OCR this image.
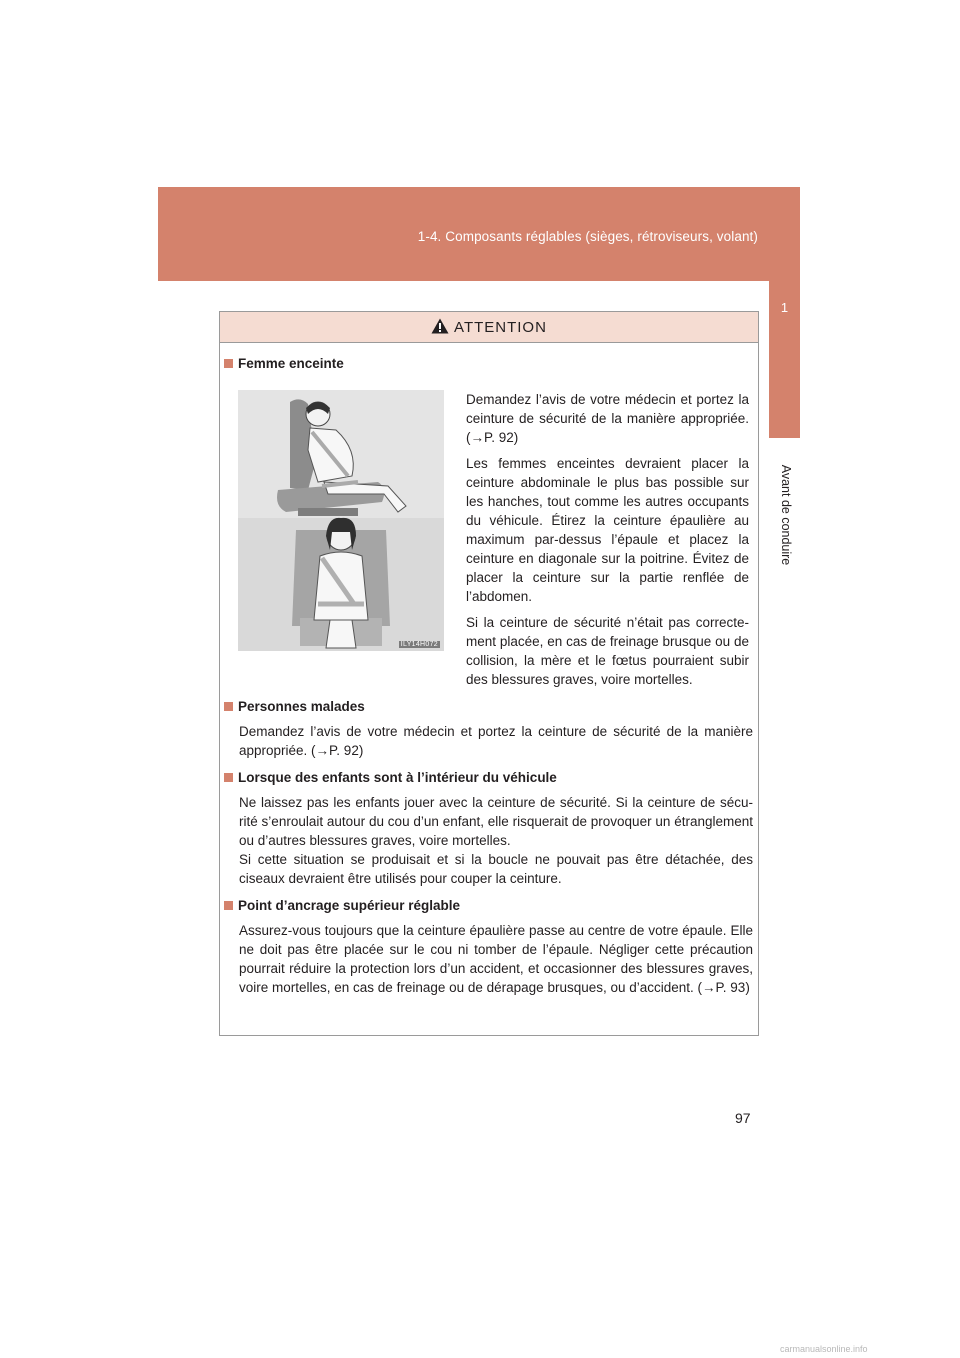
1-4. Composants réglables (sièges, rétroviseurs, volant)
1
Avant de conduire
ATTENTION
Femme enceinte
ILY14H072
Demandez l’avis de votre médecin et portez la ceinture de sécurité de la manière appropriée. (→P. 92)
Les femmes enceintes devraient placer la ceinture abdominale le plus bas possible sur les hanches, tout comme les autres occupants du véhicule. Étirez la ceinture épaulière au maximum par-dessus l’épaule et placez la ceinture en diagonale sur la poitrine. Évitez de placer la ceinture sur la partie renflée de l’abdomen.
Si la ceinture de sécurité n’était pas correctement placée, en cas de freinage brusque ou de collision, la mère et le fœtus pourraient subir des blessures graves, voire mortelles.
Personnes malades
Demandez l’avis de votre médecin et portez la ceinture de sécurité de la manière appropriée. (→P. 92)
Lorsque des enfants sont à l’intérieur du véhicule
Ne laissez pas les enfants jouer avec la ceinture de sécurité. Si la ceinture de sécurité s’enroulait autour du cou d’un enfant, elle risquerait de provoquer un étranglement ou d’autres blessures graves, voire mortelles.
Si cette situation se produisait et si la boucle ne pouvait pas être détachée, des ciseaux devraient être utilisés pour couper la ceinture.
Point d’ancrage supérieur réglable
Assurez-vous toujours que la ceinture épaulière passe au centre de votre épaule. Elle ne doit pas être placée sur le cou ni tomber de l’épaule. Négliger cette précaution pourrait réduire la protection lors d’un accident, et occasionner des blessures graves, voire mortelles, en cas de freinage ou de dérapage brusques, ou d’accident. (→P. 93)
97
carmanualsonline.info
